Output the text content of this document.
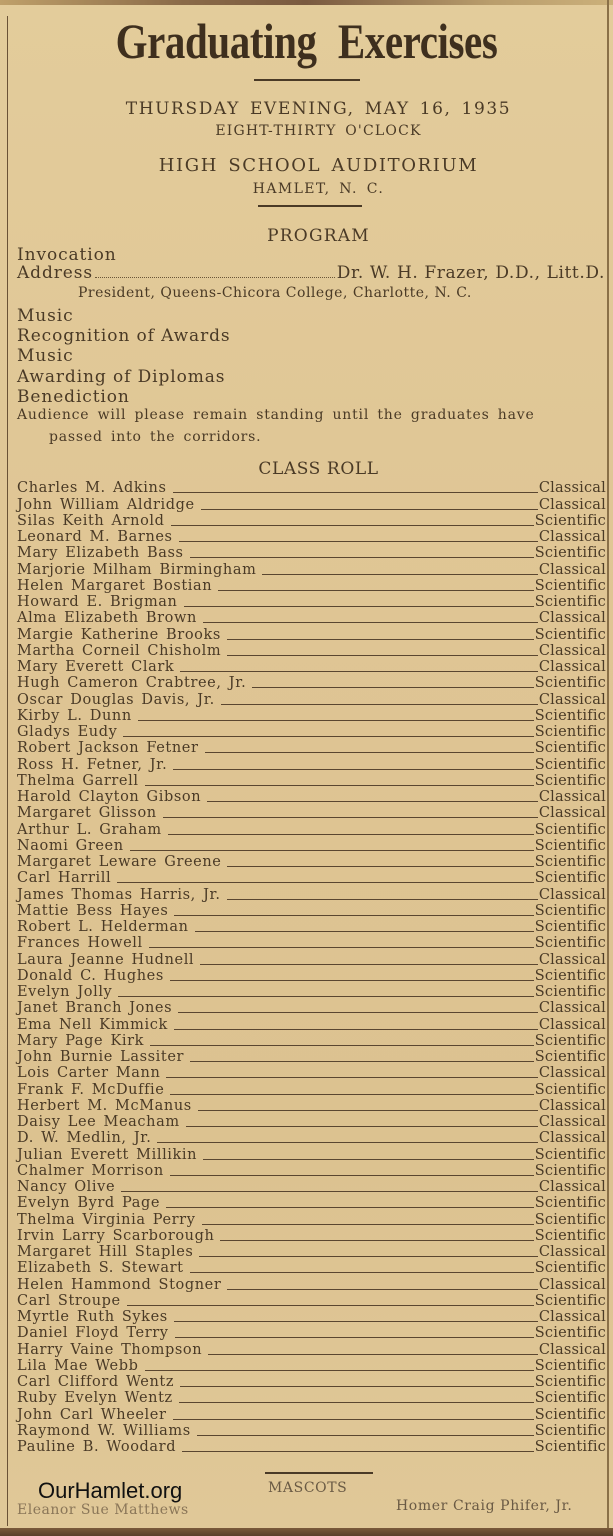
Graduating Exercises
THURSDAY EVENING, MAY 16, 1935
EIGHT-THIRTY O'CLOCK
HIGH SCHOOL AUDITORIUM
HAMLET, N. C.
PROGRAM
Invocation
Address	Dr. W. H. Frazer, D.D., Litt.D.
President, Queens-Chicora College, Charlotte, N. C.
Music
Recognition of Awards
Music
Awarding of Diplomas
Benediction
Audience will please remain standing until the graduates have
passed into the corridors.
CLASS ROLL
Charles M. Adkins	Classical
John William Aldridge	Classical
Silas Keith Arnold	Scientific
Leonard M. Barnes	Classical
Mary Elizabeth Bass	Scientific
Marjorie Milham Birmingham	Classical
Helen Margaret Bostian	Scientific
Howard E. Brigman	Scientific
Alma Elizabeth Brown	Classical
Margie Katherine Brooks	Scientific
Martha Corneil Chisholm	Classical
Mary Everett Clark	Classical
Hugh Cameron Crabtree, Jr.	Scientific
Oscar Douglas Davis, Jr.	Classical
Kirby L. Dunn	Scientific
Gladys Eudy	Scientific
Robert Jackson Fetner	Scientific
Ross H. Fetner, Jr.	Scientific
Thelma Garrell	Scientific
Harold Clayton Gibson	Classical
Margaret Glisson	Classical
Arthur L. Graham	Scientific
Naomi Green	Scientific
Margaret Leware Greene	Scientific
Carl Harrill	Scientific
James Thomas Harris, Jr.	Classical
Mattie Bess Hayes	Scientific
Robert L. Helderman	Scientific
Frances Howell	Scientific
Laura Jeanne Hudnell	Classical
Donald C. Hughes	Scientific
Evelyn Jolly	Scientific
Janet Branch Jones	Classical
Ema Nell Kimmick	Classical
Mary Page Kirk	Scientific
John Burnie Lassiter	Scientific
Lois Carter Mann	Classical
Frank F. McDuffie	Scientific
Herbert M. McManus	Classical
Daisy Lee Meacham	Classical
D. W. Medlin, Jr.	Classical
Julian Everett Millikin	Scientific
Chalmer Morrison	Scientific
Nancy Olive	Classical
Evelyn Byrd Page	Scientific
Thelma Virginia Perry	Scientific
Irvin Larry Scarborough	Scientific
Margaret Hill Staples	Classical
Elizabeth S. Stewart	Scientific
Helen Hammond Stogner	Classical
Carl Stroupe	Scientific
Myrtle Ruth Sykes	Classical
Daniel Floyd Terry	Scientific
Harry Vaine Thompson	Classical
Lila Mae Webb	Scientific
Carl Clifford Wentz	Scientific
Ruby Evelyn Wentz	Scientific
John Carl Wheeler	Scientific
Raymond W. Williams	Scientific
Pauline B. Woodard	Scientific
MASCOTS
Eleanor Sue Matthews	Homer Craig Phifer, Jr.
OurHamlet.org
